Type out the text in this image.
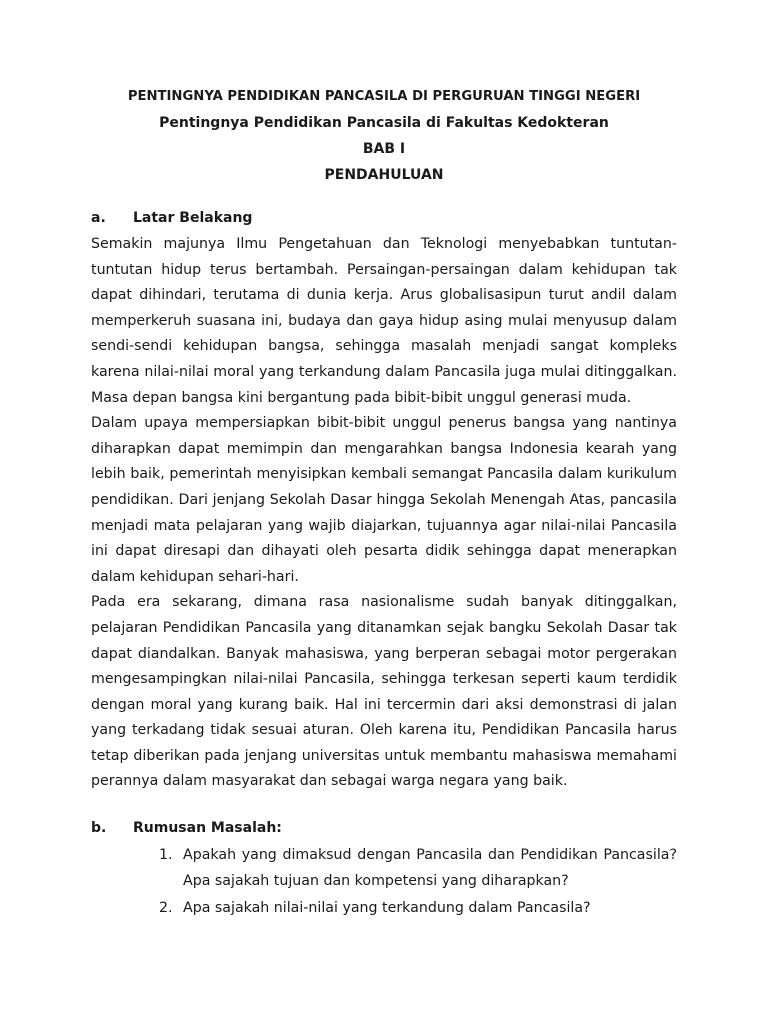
PENTINGNYA PENDIDIKAN PANCASILA DI PERGURUAN TINGGI NEGERI
Pentingnya Pendidikan Pancasila di Fakultas Kedokteran
BAB I
PENDAHULUAN
a. Latar Belakang

Semakin majunya Ilmu Pengetahuan dan Teknologi menyebabkan tuntutan-tuntutan hidup terus bertambah. Persaingan-persaingan dalam kehidupan tak dapat dihindari, terutama di dunia kerja. Arus globalisasipun turut andil dalam memperkeruh suasana ini, budaya dan gaya hidup asing mulai menyusup dalam sendi-sendi kehidupan bangsa, sehingga masalah menjadi sangat kompleks karena nilai-nilai moral yang terkandung dalam Pancasila juga mulai ditinggalkan. Masa depan bangsa kini bergantung pada bibit-bibit unggul generasi muda.

Dalam upaya mempersiapkan bibit-bibit unggul penerus bangsa yang nantinya diharapkan dapat memimpin dan mengarahkan bangsa Indonesia kearah yang lebih baik, pemerintah menyisipkan kembali semangat Pancasila dalam kurikulum pendidikan. Dari jenjang Sekolah Dasar hingga Sekolah Menengah Atas, pancasila menjadi mata pelajaran yang wajib diajarkan, tujuannya agar nilai-nilai Pancasila ini dapat diresapi dan dihayati oleh pesarta didik sehingga dapat menerapkan dalam kehidupan sehari-hari.

Pada era sekarang, dimana rasa nasionalisme sudah banyak ditinggalkan, pelajaran Pendidikan Pancasila yang ditanamkan sejak bangku Sekolah Dasar tak dapat diandalkan. Banyak mahasiswa, yang berperan sebagai motor pergerakan mengesampingkan nilai-nilai Pancasila, sehingga terkesan seperti kaum terdidik dengan moral yang kurang baik. Hal ini tercermin dari aksi demonstrasi di jalan yang terkadang tidak sesuai aturan. Oleh karena itu, Pendidikan Pancasila harus tetap diberikan pada jenjang universitas untuk membantu mahasiswa memahami perannya dalam masyarakat dan sebagai warga negara yang baik.

b. Rumusan Masalah:
1. Apakah yang dimaksud dengan Pancasila dan Pendidikan Pancasila? Apa sajakah tujuan dan kompetensi yang diharapkan?
2. Apa sajakah nilai-nilai yang terkandung dalam Pancasila?
